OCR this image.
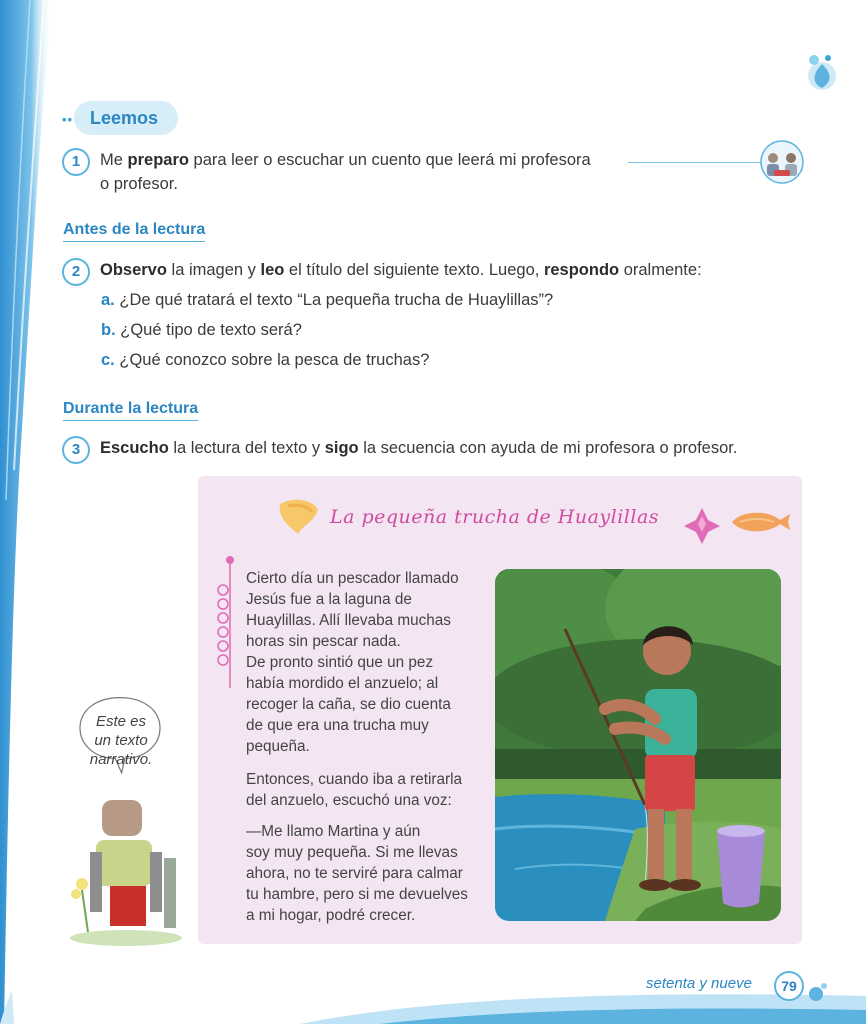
•• Leemos
1	Me preparo para leer o escuchar un cuento que leerá mi profesora
o profesor.
Antes de la lectura
2	Observo la imagen y leo el título del siguiente texto. Luego, respondo oralmente:
a. ¿De qué tratará el texto “La pequeña trucha de Huaylillas”?
b. ¿Qué tipo de texto será?
c. ¿Qué conozco sobre la pesca de truchas?
Durante la lectura
3	Escucho la lectura del texto y sigo la secuencia con ayuda de mi profesora o profesor.
La pequeña trucha de Huaylillas
Cierto día un pescador llamado
Jesús fue a la laguna de
Huaylillas. Allí llevaba muchas
horas sin pescar nada.
De pronto sintió que un pez
había mordido el anzuelo; al
recoger la caña, se dio cuenta
de que era una trucha muy
pequeña.
Entonces, cuando iba a retirarla
del anzuelo, escuchó una voz:
—Me llamo Martina y aún
soy muy pequeña. Si me llevas
ahora, no te serviré para calmar
tu hambre, pero si me devuelves
a mi hogar, podré crecer.
Este es
un texto
narrativo.
setenta y nueve	79
